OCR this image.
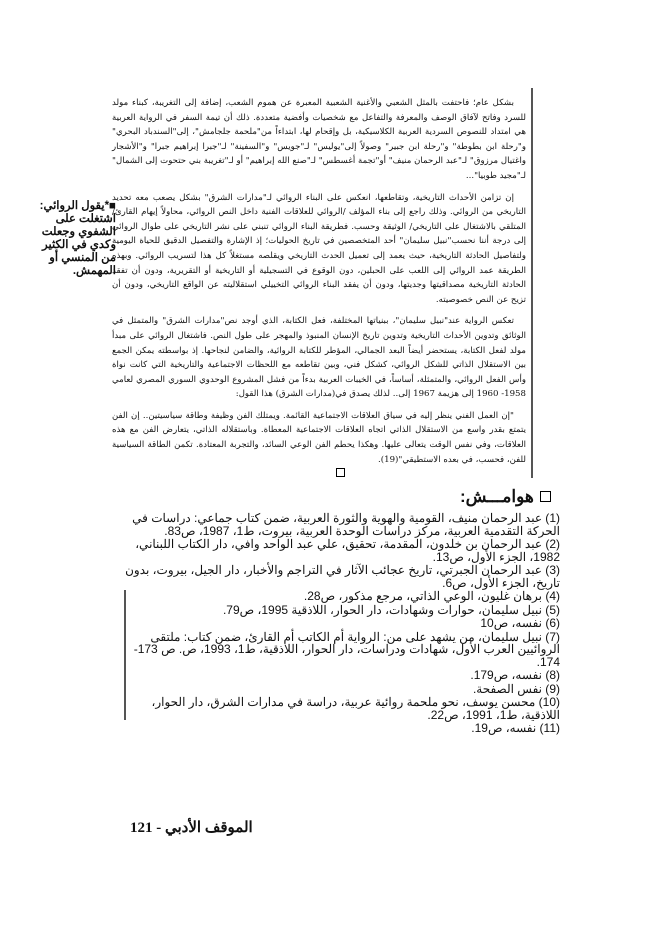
بشكل عام؛ فاحتفت بالمثل الشعبي والأغنية الشعبية المعبرة عن هموم الشعب، إضافة إلى التغريبة، كبناء مولد للسرد وفاتح لآفاق الوصف والمعرفة والتفاعل مع شخصيات وأفضية متعددة. ذلك أن تيمة السفر في الرواية العربية هي امتداد للنصوص السردية العربية الكلاسيكية، بل وإقحام لها، ابتداءاً من"ملحمة جلجامش"، إلى"السندباد البحري" و"رحلة ابن بطوطة" و"رحلة ابن جبير" وصولاً إلى"يوليس" لـ"جويس" و"السفينة" لـ"جبرا إبراهيم جبرا" و"الأشجار واغتيال مرزوق" لـ"عبد الرحمان منيف" أو"تجمة أغسطس" لـ"صنع الله إبراهيم" أو لـ"تغريبة بني حتحوت إلى الشمال" لـ"مجيد طوبيا"...

إن تزامن الأحداث التاريخية، وتقاطعها، انعكس على البناء الروائي لـ"مدارات الشرق" بشكل يصعب معه تحديد التاريخي من الروائي. وذلك راجع إلى بناء المؤلف /الروائي للعلاقات الفنية داخل النص الروائي، محاولاً إيهام القارئ/ المتلقي بالاشتغال على التاريخي/ الوثيقة وحسب. فطريقة البناء الروائي تنبني على نشر التاريخي على طوال الروائي إلى درجة أننا نحسب"نبيل سليمان" أحد المتخصصين في تاريخ الحوليات؛ إذ الإشارة والتفصيل الدقيق للحياة اليومية ولتفاصيل الحادثة التاريخية، حيث يعمد إلى تعميل الحدث التاريخي ويقلصه مستغلاً كل هذا لتسريب الروائي. وبهذه الطريقة عمد الروائي إلى اللعب على الحبلين، دون الوقوع في التسجيلية أو التاريخية أو التقريرية، ودون أن تفقد الحادثة التاريخية مصداقيتها وجديتها، ودون أن يفقد البناء الروائي التخييلي استقلاليته عن الواقع التاريخي، ودون أن تزيح عن النص خصوصيته.

تعكس الرواية عند"نبيل سليمان"، ببنياتها المختلفة، فعل الكتابة، الذي أوجد نص"مدارات الشرق" والمتمثل في الوثائق وتدوين الأحداث التاريخية وتدوين تاريخ الإنسان المنبوذ والمهجر على طول النص. فاشتغال الروائي على مبدأ مولد لفعل الكتابة، يستحضر أيضاً البعد الجمالي، المؤطر للكتابة الروائية، والضامن لنجاحها. إذ بواسطته يمكن الجمع بين الاستقلال الذاتي للشكل الروائي، كشكل فني، وبين تقاطعه مع اللحظات الاجتماعية والتاريخية التي كانت نواة وأس الفعل الروائي، والمتمثلة، أساساً، في الخيبات العربية بدءاً من فشل المشروع الوحدوي السوري المصري لعامي 1958- 1960 إلى هزيمة 1967 إلى.. لذلك يصدق في(مدارات الشرق) هذا القول:

"إن العمل الفني ينظر إليه في سياق العلاقات الاجتماعية القائمة. ويمتلك الفن وظيفة وطاقة سياسيتين.. إن الفن يتمتع بقدر واسع من الاستقلال الذاتي اتجاه العلاقات الاجتماعية المعطاة. وباستقلاله الذاتي، يتعارض الفن مع هذه العلاقات، وفي نفس الوقت يتعالى عليها. وهكذا يحطم الفن الوعي السائد، والتجربة المعتادة. تكمن الطاقة السياسية للفن، فحسب، في بعده الاستطيقي"(19).

■*يقول الروائي: اشتغلت على الشفوي وجعلت وكدي في الكثير من المنسي أو المهمش.
هوامـــش:
(1) عبد الرحمان منيف، القومية والهوية والثورة العربية، ضمن كتاب جماعي: دراسات في الحركة التقدمية العربية، مركز دراسات الوحدة العربية، بيروت، ط1، 1987، ص83.
(2) عبد الرحمان بن خلدون، المقدمة، تحقيق، علي عبد الواحد وافي، دار الكتاب اللبناني، 1982، الجزء الأول، ص13.
(3) عبد الرحمان الجبرتي، تاريخ عجائب الآثار في التراجم والأخبار، دار الجيل، بيروت، بدون تاريخ، الجزء الأول، ص6.
(4) برهان غليون، الوعي الذاتي، مرجع مذكور، ص28.
(5) نبيل سليمان، حوارات وشهادات، دار الحوار، اللاذقية 1995، ص79.
(6) نفسه، ص10
(7) نبيل سليمان، من يشهد على من: الرواية أم الكاتب أم القارئ، ضمن كتاب: ملتقى الروائيين العرب الأول، شهادات ودراسات، دار الحوار، اللاذقية، ط1، 1993، ص. ص 173- 174.
(8) نفسه، ص179.
(9) نفس الصفحة.
(10) محسن يوسف، نحو ملحمة روائية عربية، دراسة في مدارات الشرق، دار الحوار، اللاذقية، ط1، 1991، ص22.
(11) نفسه، ص19.
الموقف الأدبي - 121
